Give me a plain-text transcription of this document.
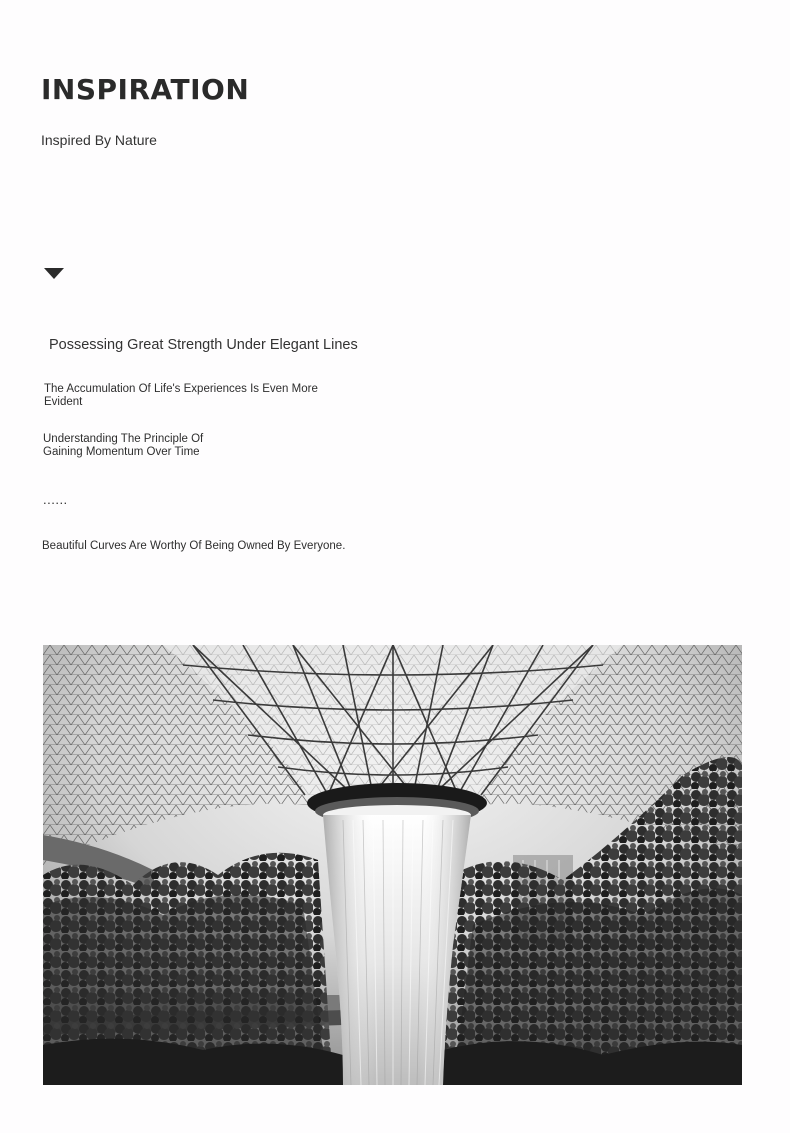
INSPIRATION
Inspired By Nature
Possessing Great Strength Under Elegant Lines
The Accumulation Of Life's Experiences Is Even More Evident
Understanding The Principle Of Gaining Momentum Over Time
......
Beautiful Curves Are Worthy Of Being Owned By Everyone.
